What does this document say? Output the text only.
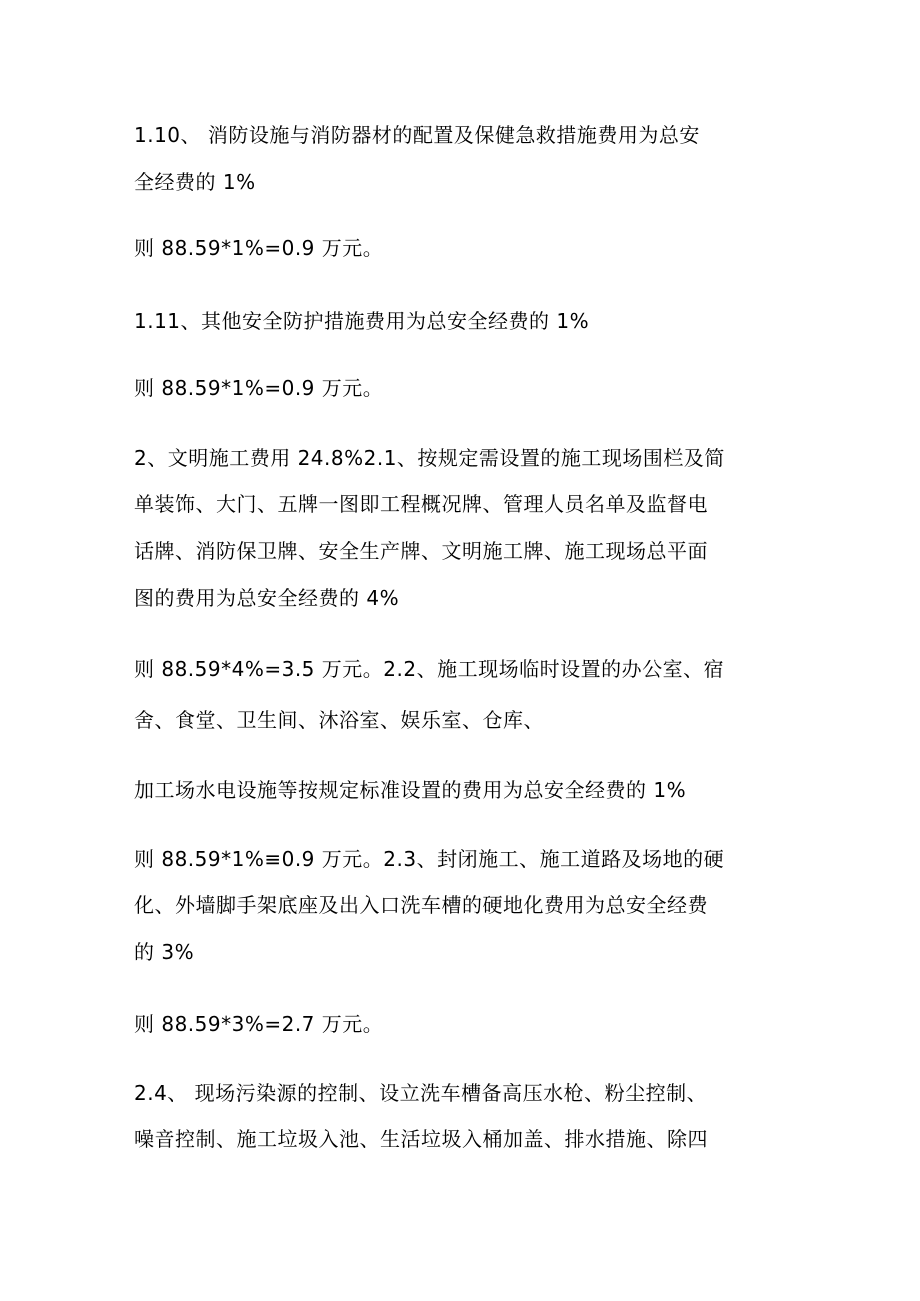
1.10、 消防设施与消防器材的配置及保健急救措施费用为总安
全经费的 1%
则 88.59*1%=0.9 万元。
1.11、其他安全防护措施费用为总安全经费的 1%
则 88.59*1%=0.9 万元。
2、文明施工费用 24.8%2.1、按规定需设置的施工现场围栏及简
单装饰、大门、五牌一图即工程概况牌、管理人员名单及监督电
话牌、消防保卫牌、安全生产牌、文明施工牌、施工现场总平面
图的费用为总安全经费的 4%
则 88.59*4%=3.5 万元。2.2、施工现场临时设置的办公室、宿
舍、食堂、卫生间、沐浴室、娱乐室、仓库、
加工场水电设施等按规定标准设置的费用为总安全经费的 1%
则 88.59*1%≡0.9 万元。2.3、封闭施工、施工道路及场地的硬
化、外墙脚手架底座及出入口洗车槽的硬地化费用为总安全经费
的 3%
则 88.59*3%=2.7 万元。
2.4、 现场污染源的控制、设立洗车槽备高压水枪、粉尘控制、
噪音控制、施工垃圾入池、生活垃圾入桶加盖、排水措施、除四
